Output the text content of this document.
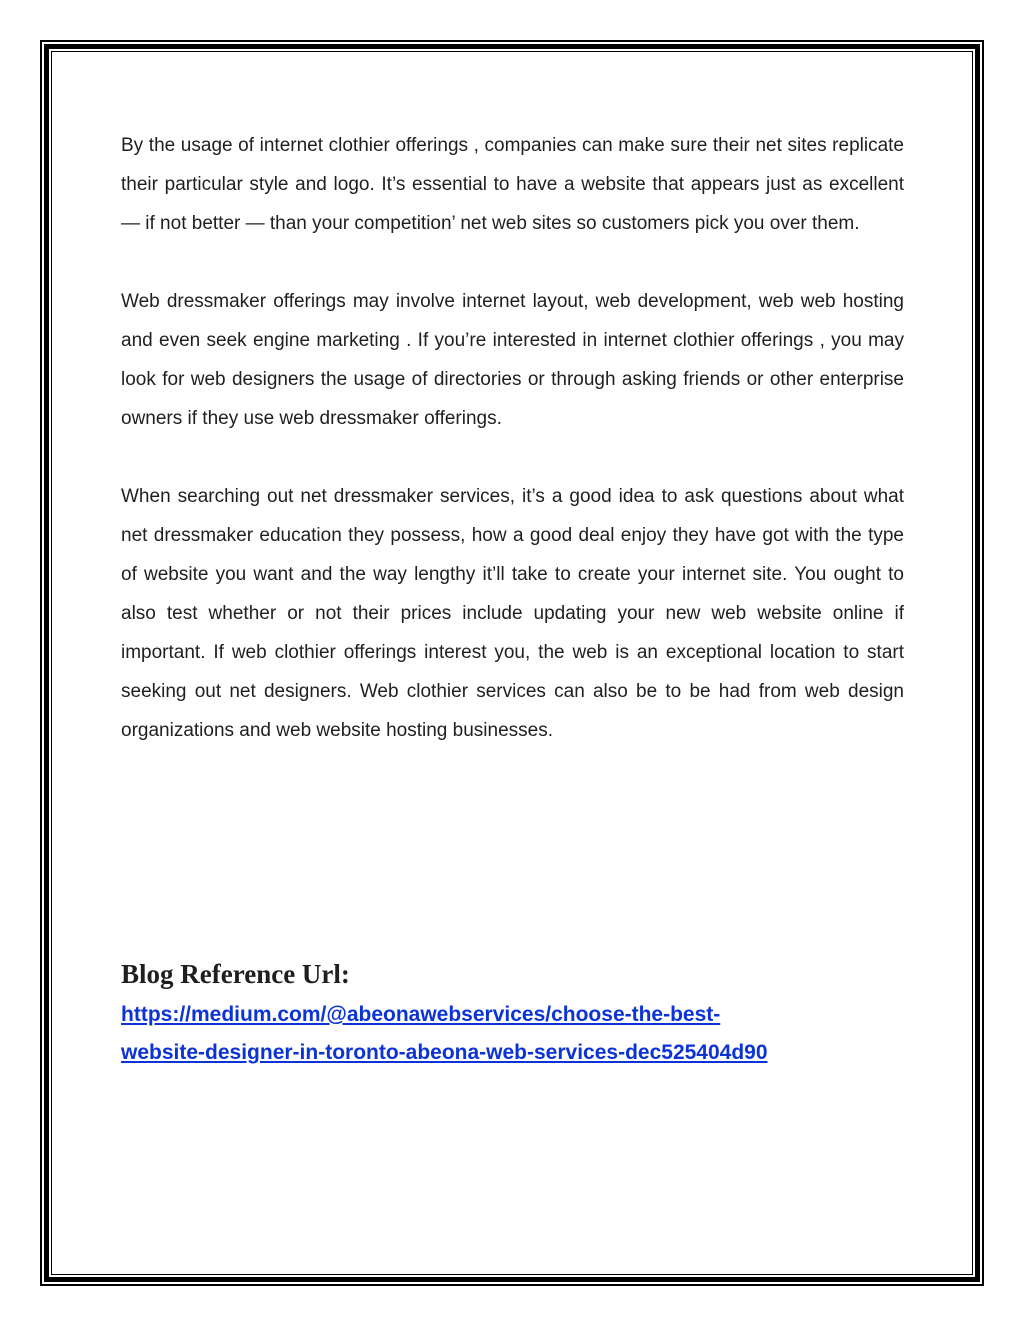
By the usage of internet clothier offerings , companies can make sure their net sites replicate their particular style and logo. It’s essential to have a website that appears just as excellent — if not better — than your competition’ net web sites so customers pick you over them.

Web dressmaker offerings may involve internet layout, web development, web web hosting and even seek engine marketing . If you’re interested in internet clothier offerings , you may look for web designers the usage of directories or through asking friends or other enterprise owners if they use web dressmaker offerings.

When searching out net dressmaker services, it’s a good idea to ask questions about what net dressmaker education they possess, how a good deal enjoy they have got with the type of website you want and the way lengthy it’ll take to create your internet site. You ought to also test whether or not their prices include updating your new web website online if important. If web clothier offerings interest you, the web is an exceptional location to start seeking out net designers. Web clothier services can also be to be had from web design organizations and web website hosting businesses.

Blog Reference Url:
https://medium.com/@abeonawebservices/choose-the-best-
website-designer-in-toronto-abeona-web-services-dec525404d90
